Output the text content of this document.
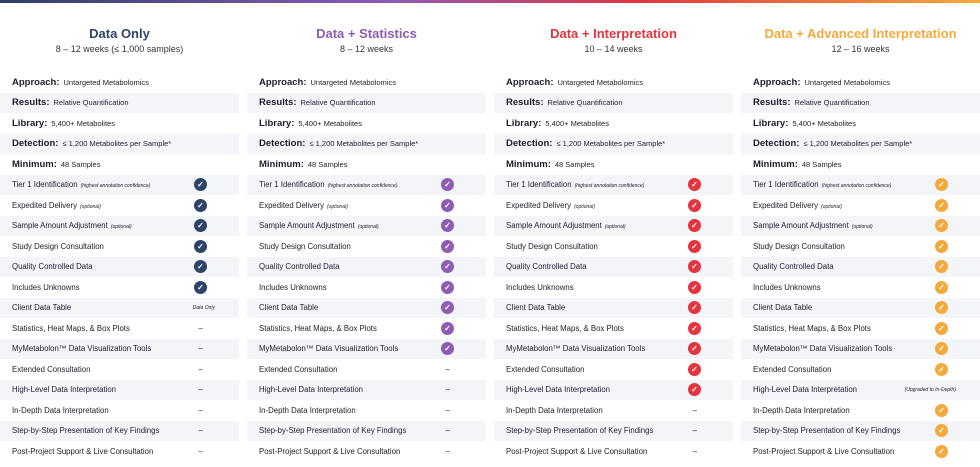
Data Only
8 – 12 weeks (≤ 1,000 samples)
Approach: Untargeted Metabolomics
Results: Relative Quantification
Library: 5,400+ Metabolites
Detection: ≤ 1,200 Metabolites per Sample*
Minimum: 48 Samples
Tier 1 Identification (highest annotation confidence)	✓
Expedited Delivery (optional)	✓
Sample Amount Adjustment (optional)	✓
Study Design Consultation	✓
Quality Controlled Data	✓
Includes Unknowns	✓
Client Data Table	Data Only
Statistics, Heat Maps, & Box Plots	–
MyMetabolon™ Data Visualization Tools	–
Extended Consultation	–
High-Level Data Interpretation	–
In-Depth Data Interpretation	–
Step-by-Step Presentation of Key Findings	–
Post-Project Support & Live Consultation	–
Data + Statistics
8 – 12 weeks
Approach: Untargeted Metabolomics
Results: Relative Quantification
Library: 5,400+ Metabolites
Detection: ≤ 1,200 Metabolites per Sample*
Minimum: 48 Samples
Tier 1 Identification (highest annotation confidence)	✓
Expedited Delivery (optional)	✓
Sample Amount Adjustment (optional)	✓
Study Design Consultation	✓
Quality Controlled Data	✓
Includes Unknowns	✓
Client Data Table	✓
Statistics, Heat Maps, & Box Plots	✓
MyMetabolon™ Data Visualization Tools	✓
Extended Consultation	–
High-Level Data Interpretation	–
In-Depth Data Interpretation	–
Step-by-Step Presentation of Key Findings	–
Post-Project Support & Live Consultation	–
Data + Interpretation
10 – 14 weeks
Approach: Untargeted Metabolomics
Results: Relative Quantification
Library: 5,400+ Metabolites
Detection: ≤ 1,200 Metabolites per Sample*
Minimum: 48 Samples
Tier 1 Identification (highest annotation confidence)	✓
Expedited Delivery (optional)	✓
Sample Amount Adjustment (optional)	✓
Study Design Consultation	✓
Quality Controlled Data	✓
Includes Unknowns	✓
Client Data Table	✓
Statistics, Heat Maps, & Box Plots	✓
MyMetabolon™ Data Visualization Tools	✓
Extended Consultation	✓
High-Level Data Interpretation	✓
In-Depth Data Interpretation	–
Step-by-Step Presentation of Key Findings	–
Post-Project Support & Live Consultation	–
Data + Advanced Interpretation
12 – 16 weeks
Approach: Untargeted Metabolomics
Results: Relative Quantification
Library: 5,400+ Metabolites
Detection: ≤ 1,200 Metabolites per Sample*
Minimum: 48 Samples
Tier 1 Identification (highest annotation confidence)	✓
Expedited Delivery (optional)	✓
Sample Amount Adjustment (optional)	✓
Study Design Consultation	✓
Quality Controlled Data	✓
Includes Unknowns	✓
Client Data Table	✓
Statistics, Heat Maps, & Box Plots	✓
MyMetabolon™ Data Visualization Tools	✓
Extended Consultation	✓
High-Level Data Interpretation	(Upgraded to In-Depth)
In-Depth Data Interpretation	✓
Step-by-Step Presentation of Key Findings	✓
Post-Project Support & Live Consultation	✓
